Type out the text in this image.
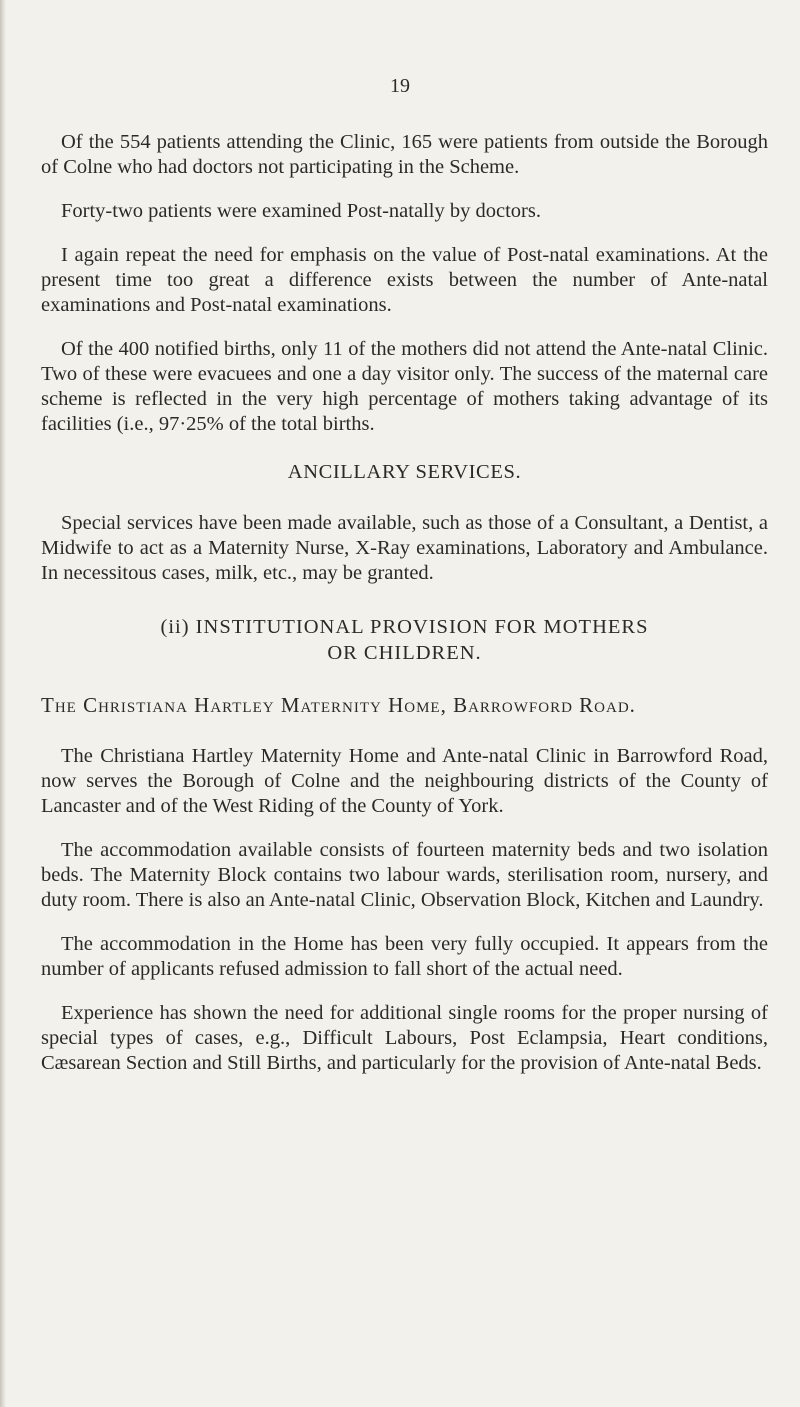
19

Of the 554 patients attending the Clinic, 165 were patients from outside the Borough of Colne who had doctors not participating in the Scheme.

Forty-two patients were examined Post-natally by doctors.

I again repeat the need for emphasis on the value of Post-natal examinations. At the present time too great a difference exists between the number of Ante-natal examinations and Post-natal examinations.

Of the 400 notified births, only 11 of the mothers did not attend the Ante-natal Clinic. Two of these were evacuees and one a day visitor only. The success of the maternal care scheme is reflected in the very high percentage of mothers taking advantage of its facilities (i.e., 97·25% of the total births.

ANCILLARY SERVICES.

Special services have been made available, such as those of a Consultant, a Dentist, a Midwife to act as a Maternity Nurse, X-Ray examinations, Laboratory and Ambulance. In necessitous cases, milk, etc., may be granted.

(ii) INSTITUTIONAL PROVISION FOR MOTHERS
OR CHILDREN.
The Christiana Hartley Maternity Home, Barrowford Road.

The Christiana Hartley Maternity Home and Ante-natal Clinic in Barrowford Road, now serves the Borough of Colne and the neighbouring districts of the County of Lancaster and of the West Riding of the County of York.

The accommodation available consists of fourteen maternity beds and two isolation beds. The Maternity Block contains two labour wards, sterilisation room, nursery, and duty room. There is also an Ante-natal Clinic, Observation Block, Kitchen and Laundry.

The accommodation in the Home has been very fully occupied. It appears from the number of applicants refused admission to fall short of the actual need.

Experience has shown the need for additional single rooms for the proper nursing of special types of cases, e.g., Difficult Labours, Post Eclampsia, Heart conditions, Cæsarean Section and Still Births, and particularly for the provision of Ante-natal Beds.
